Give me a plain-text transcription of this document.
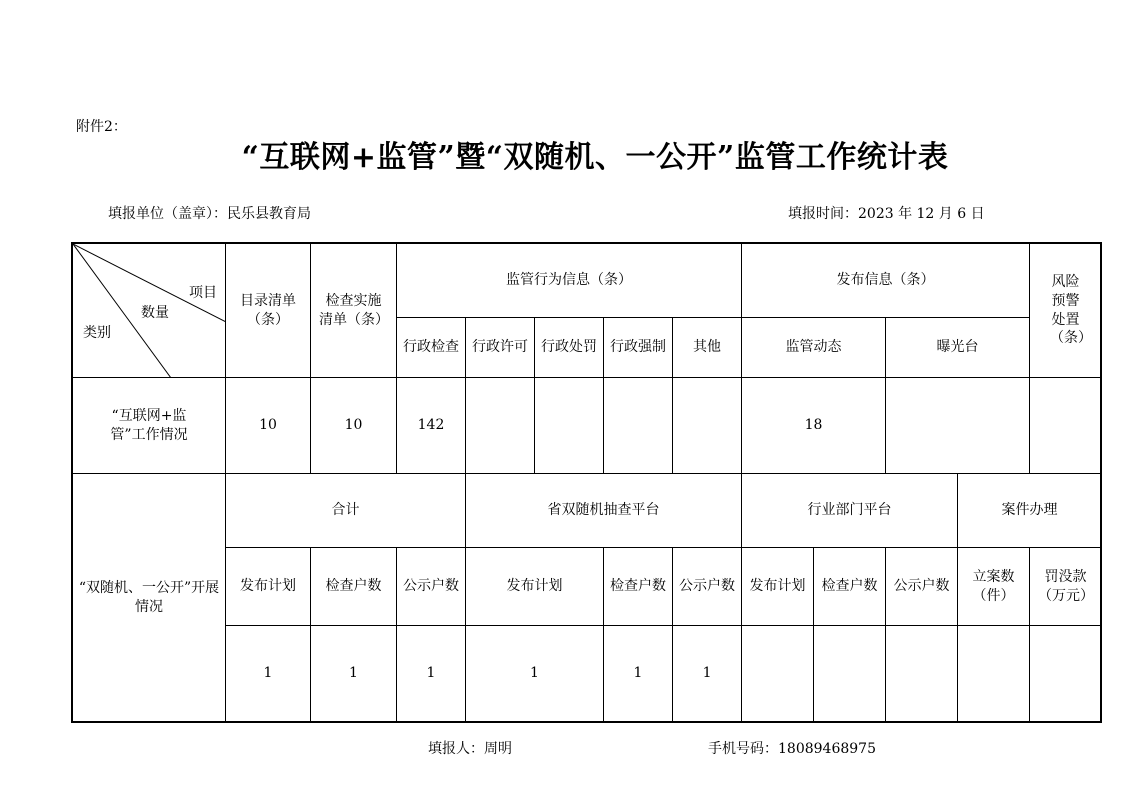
附件2：
“互联网+监管”暨“双随机、一公开”监管工作统计表
填报单位（盖章）：民乐县教育局	填报时间：2023 年 12 月 6 日
项目
数量
类别	目录清单（条）	检查实施清单（条）	监管行为信息（条）					发布信息（条）				风险预警处置（条）
			行政检查	行政许可	行政处罚	行政强制	其他	监管动态		曝光台		
“互联网+监管”工作情况	10	10	142					18				
“双随机、一公开”开展情况	合计			省双随机抽查平台				行业部门平台			案件办理	
	发布计划	检查户数	公示户数	发布计划		检查户数	公示户数	发布计划	检查户数	公示户数	立案数（件）	罚没款（万元）
	1	1	1	1		1	1					
填报人：周明	手机号码：18089468975
